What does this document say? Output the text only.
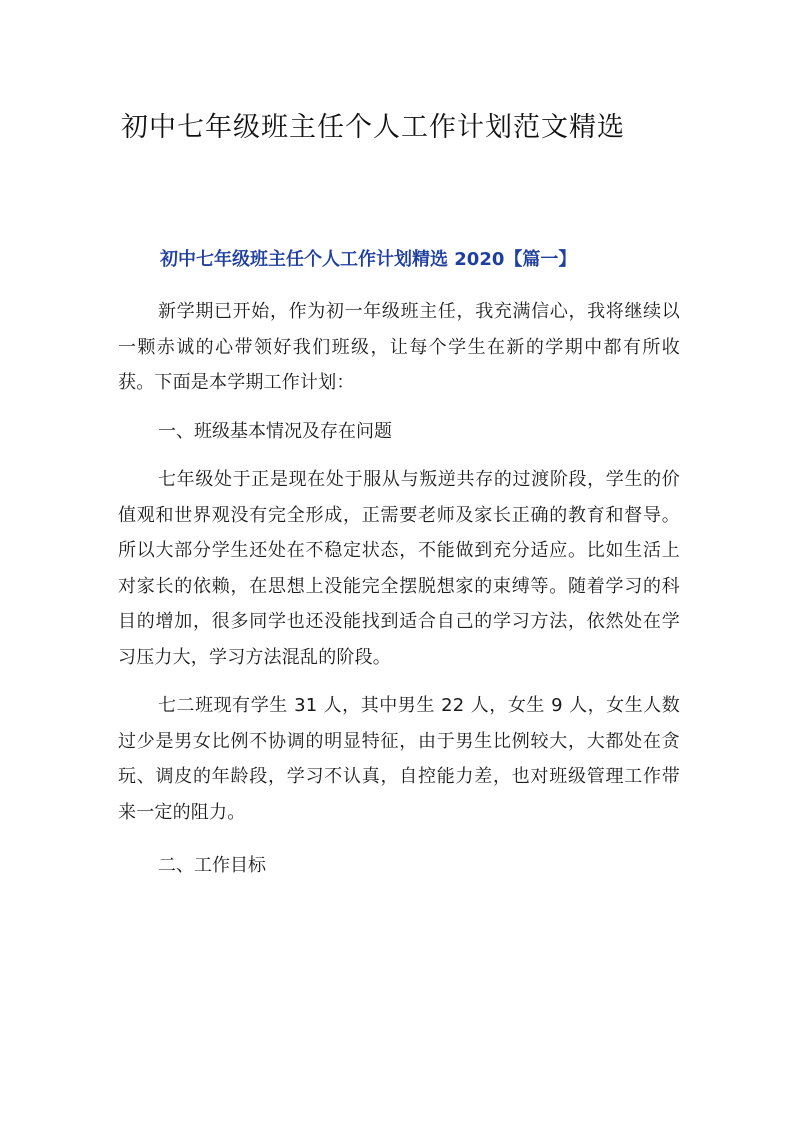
初中七年级班主任个人工作计划范文精选
初中七年级班主任个人工作计划精选 2020【篇一】

新学期已开始，作为初一年级班主任，我充满信心，我将继续以一颗赤诚的心带领好我们班级，让每个学生在新的学期中都有所收获。下面是本学期工作计划：

一、班级基本情况及存在问题

七年级处于正是现在处于服从与叛逆共存的过渡阶段，学生的价值观和世界观没有完全形成，正需要老师及家长正确的教育和督导。所以大部分学生还处在不稳定状态，不能做到充分适应。比如生活上对家长的依赖，在思想上没能完全摆脱想家的束缚等。随着学习的科目的增加，很多同学也还没能找到适合自己的学习方法，依然处在学习压力大，学习方法混乱的阶段。

七二班现有学生 31 人，其中男生 22 人，女生 9 人，女生人数过少是男女比例不协调的明显特征，由于男生比例较大，大都处在贪玩、调皮的年龄段，学习不认真，自控能力差，也对班级管理工作带来一定的阻力。

二、工作目标
